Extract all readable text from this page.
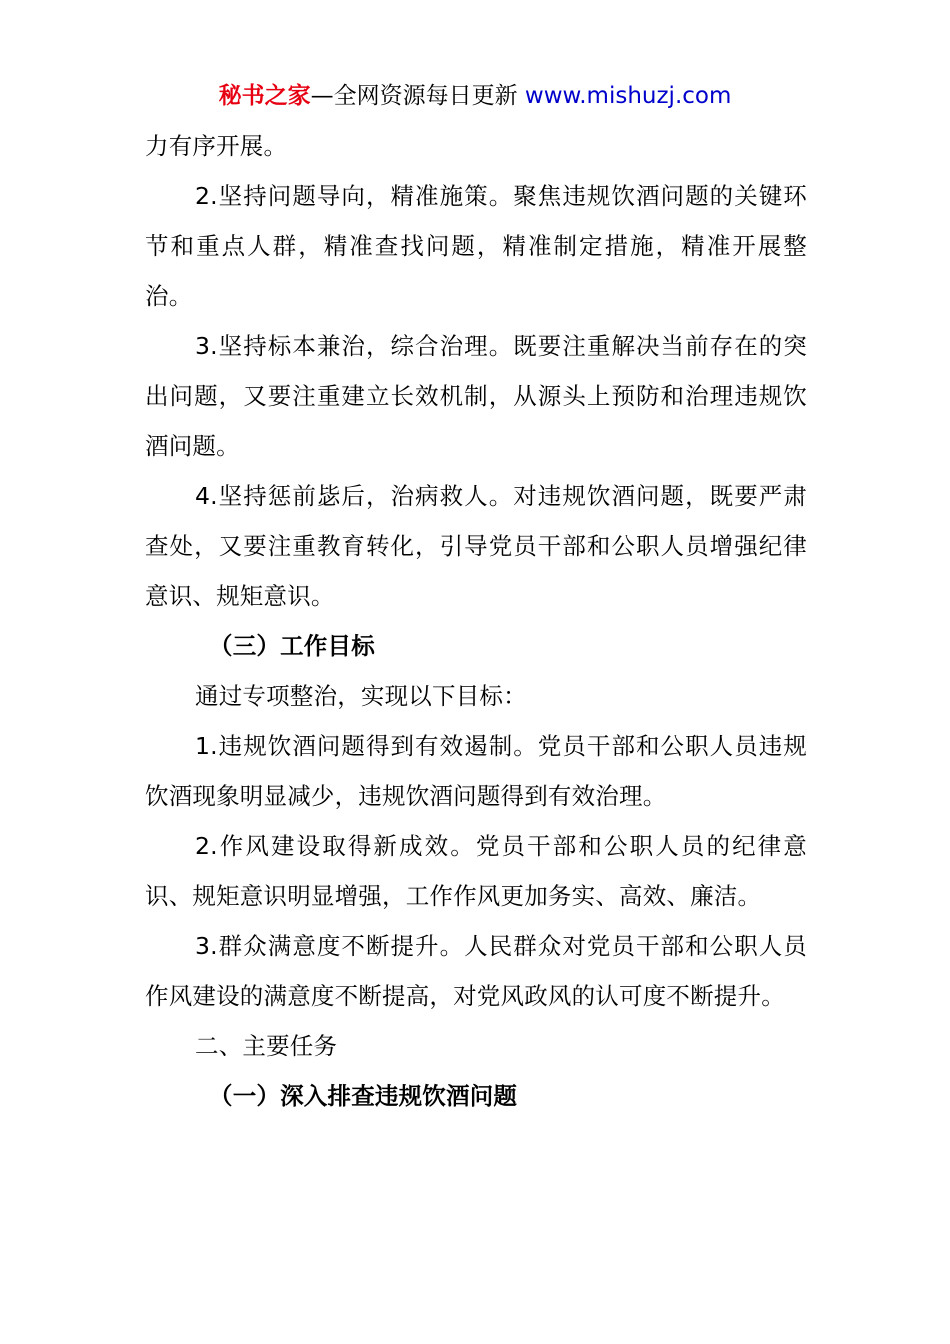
秘书之家—全网资源每日更新 www.mishuzj.com

力有序开展。

2.坚持问题导向，精准施策。聚焦违规饮酒问题的关键环节和重点人群，精准查找问题，精准制定措施，精准开展整治。

3.坚持标本兼治，综合治理。既要注重解决当前存在的突出问题，又要注重建立长效机制，从源头上预防和治理违规饮酒问题。

4.坚持惩前毖后，治病救人。对违规饮酒问题，既要严肃查处，又要注重教育转化，引导党员干部和公职人员增强纪律意识、规矩意识。

（三）工作目标

通过专项整治，实现以下目标：

1.违规饮酒问题得到有效遏制。党员干部和公职人员违规饮酒现象明显减少，违规饮酒问题得到有效治理。

2.作风建设取得新成效。党员干部和公职人员的纪律意识、规矩意识明显增强，工作作风更加务实、高效、廉洁。

3.群众满意度不断提升。人民群众对党员干部和公职人员作风建设的满意度不断提高，对党风政风的认可度不断提升。

二、主要任务

（一）深入排查违规饮酒问题
